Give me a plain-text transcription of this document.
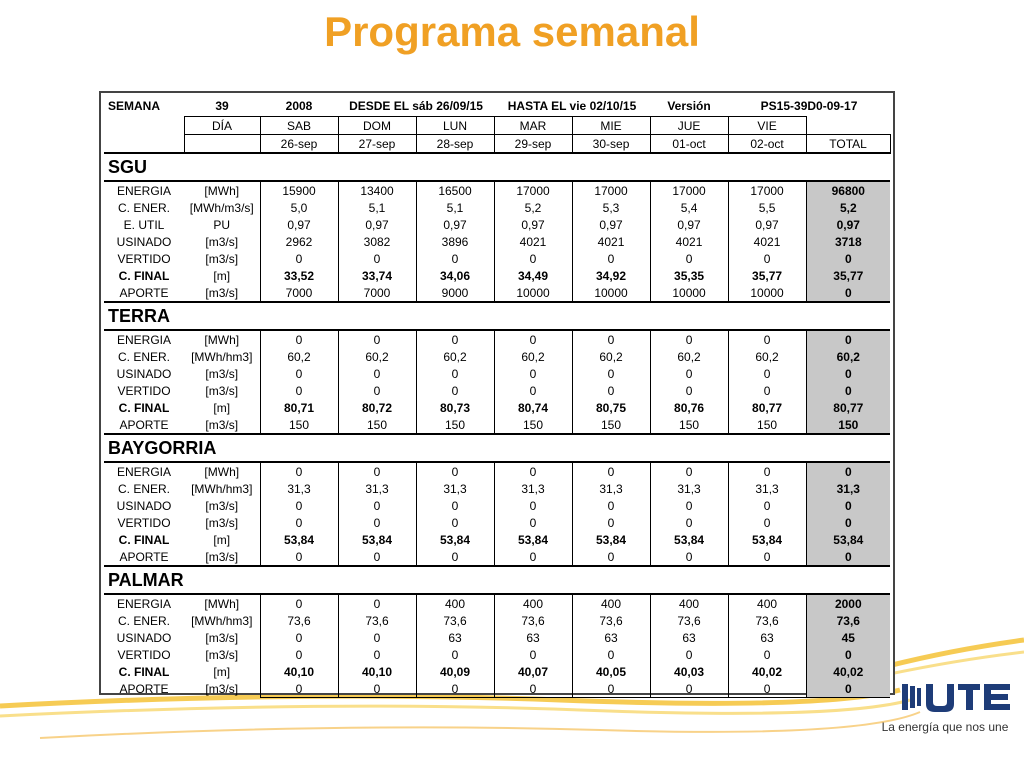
Programa semanal
SEMANA	39	2008	DESDE EL sáb 26/09/15		HASTA EL vie 02/10/15		Versión	PS15-39D0-09-17	
	DÍA	SAB	DOM	LUN	MAR	MIE	JUE	VIE	
		26-sep	27-sep	28-sep	29-sep	30-sep	01-oct	02-oct	TOTAL
SGU									
ENERGIA	[MWh]	15900	13400	16500	17000	17000	17000	17000	96800
C. ENER.	[MWh/m3/s]	5,0	5,1	5,1	5,2	5,3	5,4	5,5	5,2
E. UTIL	PU	0,97	0,97	0,97	0,97	0,97	0,97	0,97	0,97
USINADO	[m3/s]	2962	3082	3896	4021	4021	4021	4021	3718
VERTIDO	[m3/s]	0	0	0	0	0	0	0	0
C. FINAL	[m]	33,52	33,74	34,06	34,49	34,92	35,35	35,77	35,77
APORTE	[m3/s]	7000	7000	9000	10000	10000	10000	10000	0
TERRA									
ENERGIA	[MWh]	0	0	0	0	0	0	0	0
C. ENER.	[MWh/hm3]	60,2	60,2	60,2	60,2	60,2	60,2	60,2	60,2
USINADO	[m3/s]	0	0	0	0	0	0	0	0
VERTIDO	[m3/s]	0	0	0	0	0	0	0	0
C. FINAL	[m]	80,71	80,72	80,73	80,74	80,75	80,76	80,77	80,77
APORTE	[m3/s]	150	150	150	150	150	150	150	150
BAYGORRIA									
ENERGIA	[MWh]	0	0	0	0	0	0	0	0
C. ENER.	[MWh/hm3]	31,3	31,3	31,3	31,3	31,3	31,3	31,3	31,3
USINADO	[m3/s]	0	0	0	0	0	0	0	0
VERTIDO	[m3/s]	0	0	0	0	0	0	0	0
C. FINAL	[m]	53,84	53,84	53,84	53,84	53,84	53,84	53,84	53,84
APORTE	[m3/s]	0	0	0	0	0	0	0	0
PALMAR									
ENERGIA	[MWh]	0	0	400	400	400	400	400	2000
C. ENER.	[MWh/hm3]	73,6	73,6	73,6	73,6	73,6	73,6	73,6	73,6
USINADO	[m3/s]	0	0	63	63	63	63	63	45
VERTIDO	[m3/s]	0	0	0	0	0	0	0	0
C. FINAL	[m]	40,10	40,10	40,09	40,07	40,05	40,03	40,02	40,02
APORTE	[m3/s]	0	0	0	0	0	0	0	0
La energía que nos une
